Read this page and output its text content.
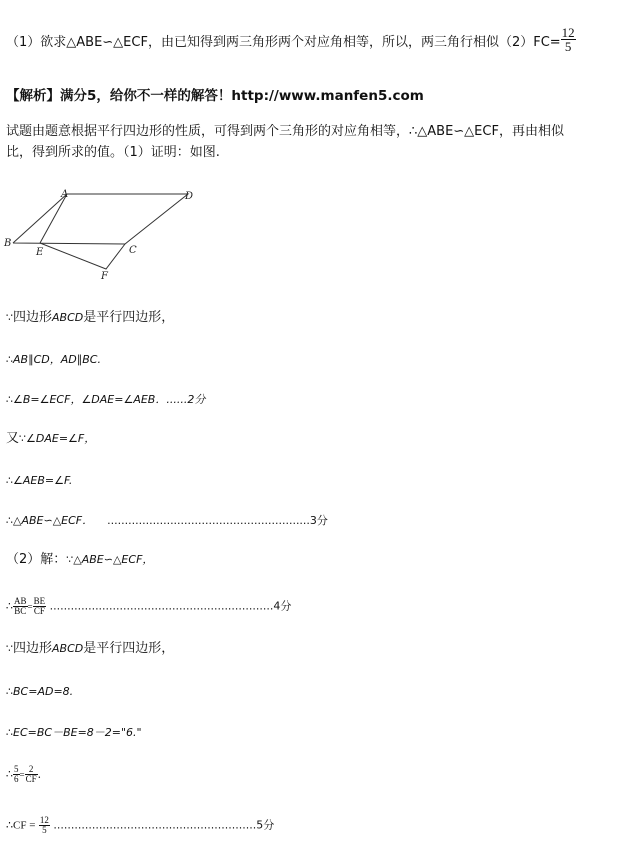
（1）欲求△ABE∽△ECF，由已知得到两三角形两个对应角相等，所以，两三角行相似$(2)FC= \frac{12}{5}$
【解析】满分5，给你不一样的解答！http://www.manfen5.com
试题由题意根据平行四边形的性质，可得到两个三角形的对应角相等，∴△ABE∽△ECF，再由相似
比，得到所求的值。（1）证明：如图.
A	D
B
E	C
F
∵四边形ABCD是平行四边形，
∴AB∥CD，AD∥BC.
∴∠B=∠ECF，∠DAE=∠AEB．......2分
又∵∠DAE=∠F，
∴∠AEB=∠F.
∴△ABE∽△ECF． ..........................................................3分
（2）解：∵△ABE∽△ECF，
∴ $\frac{AB}{BC} = \frac{BE}{CF} ................................................................4$分
∵四边形ABCD是平行四边形，
∴BC=AD=8.
∴EC=BC－BE=8－2="6."
∴ $\frac{5}{6} = \frac{2}{CF}$ ．
∴CF = $\frac{12}{5} ..........................................................5$分
